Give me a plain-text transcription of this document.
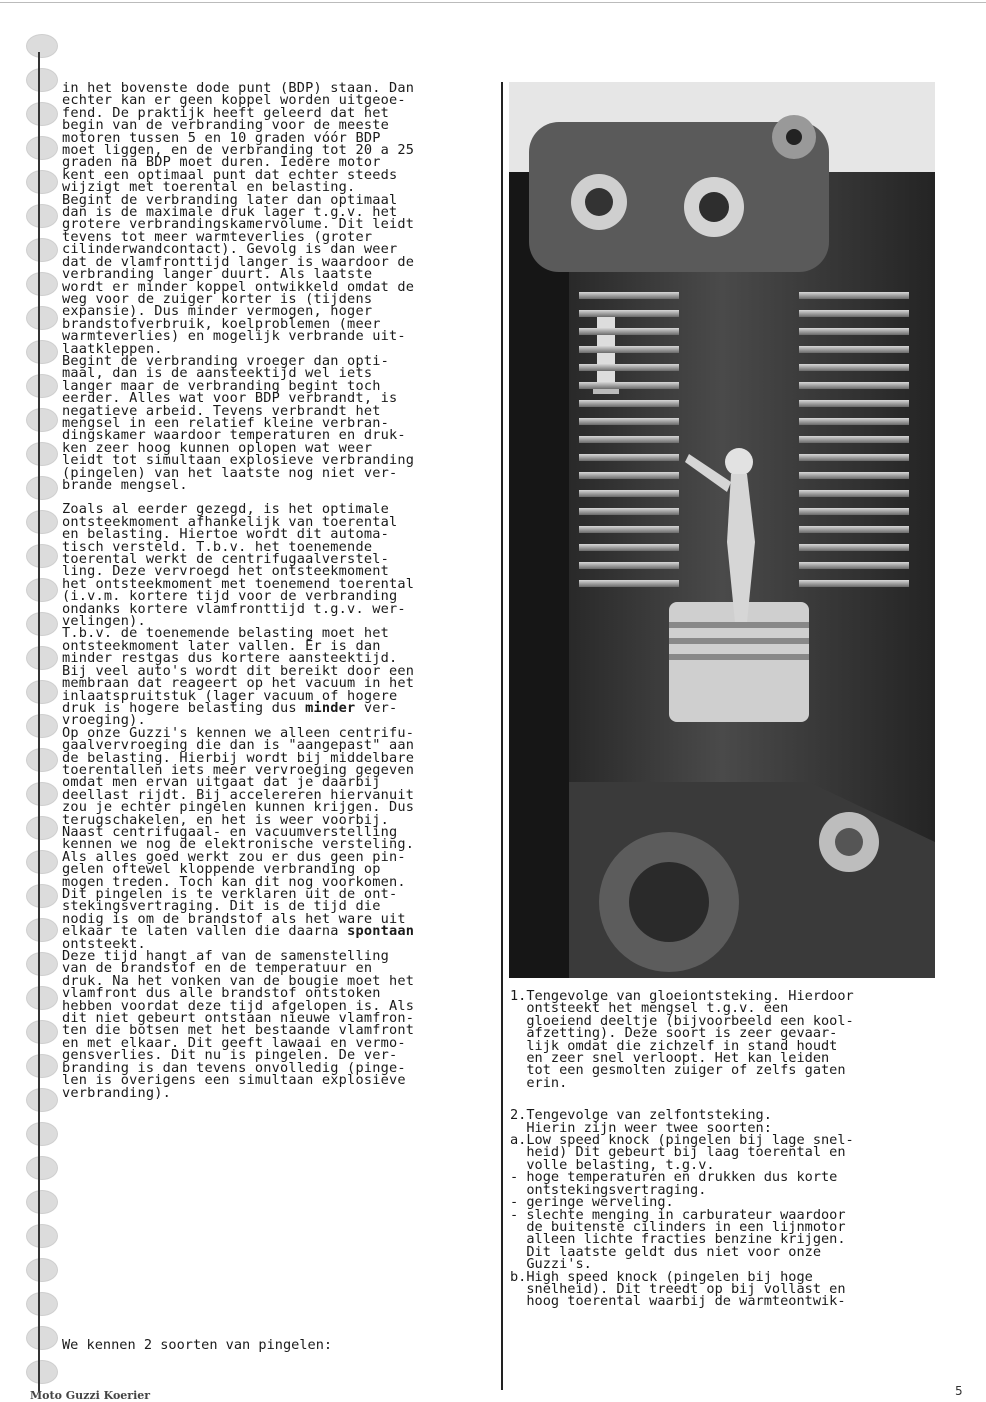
in het bovenste dode punt (BDP) staan. Dan

echter kan er geen koppel worden uitgeoe-

fend. De praktijk heeft geleerd dat het

begin van de verbranding voor de meeste

motoren tussen 5 en 10 graden vóór BDP

moet liggen, en de verbranding tot 20 a 25

graden na BDP moet duren. Iedere motor

kent een optimaal punt dat echter steeds

wijzigt met toerental en belasting.

Begint de verbranding later dan optimaal

dan is de maximale druk lager t.g.v. het

grotere verbrandingskamervolume. Dit leidt

tevens tot meer warmteverlies (groter

cilinderwandcontact). Gevolg is dan weer

dat de vlamfronttijd langer is waardoor de

verbranding langer duurt. Als laatste

wordt er minder koppel ontwikkeld omdat de

weg voor de zuiger korter is (tijdens

expansie). Dus minder vermogen, hoger

brandstofverbruik, koelproblemen (meer

warmteverlies) en mogelijk verbrande uit-

laatkleppen.

Begint de verbranding vroeger dan opti-

maal, dan is de aansteektijd wel iets

langer maar de verbranding begint toch

eerder. Alles wat voor BDP verbrandt, is

negatieve arbeid. Tevens verbrandt het

mengsel in een relatief kleine verbran-

dingskamer waardoor temperaturen en druk-

ken zeer hoog kunnen oplopen wat weer

leidt tot simultaan explosieve verbranding

(pingelen) van het laatste nog niet ver-

brande mengsel.

Zoals al eerder gezegd, is het optimale

ontsteekmoment afhankelijk van toerental

en belasting. Hiertoe wordt dit automa-

tisch versteld. T.b.v. het toenemende

toerental werkt de centrifugaalverstel-

ling. Deze vervroegd het ontsteekmoment

het ontsteekmoment met toenemend toerental

(i.v.m. kortere tijd voor de verbranding

ondanks kortere vlamfronttijd t.g.v. wer-

velingen).

T.b.v. de toenemende belasting moet het

ontsteekmoment later vallen. Er is dan

minder restgas dus kortere aansteektijd.

Bij veel auto's wordt dit bereikt door een

membraan dat reageert op het vacuum in het

inlaatspruitstuk (lager vacuum of hogere

druk is hogere belasting dus minder ver-

vroeging).

Op onze Guzzi's kennen we alleen centrifu-

gaalvervroeging die dan is "aangepast" aan

de belasting. Hierbij wordt bij middelbare

toerentallen iets meer vervroeging gegeven

omdat men ervan uitgaat dat je daarbij

deellast rijdt. Bij accelereren hiervanuit

zou je echter pingelen kunnen krijgen. Dus

terugschakelen, en het is weer voorbij.

Naast centrifugaal- en vacuumverstelling

kennen we nog de elektronische versteling.

Als alles goed werkt zou er dus geen pin-

gelen oftewel kloppende verbranding op

mogen treden. Toch kan dit nog voorkomen.

Dit pingelen is te verklaren uit de ont-

stekingsvertraging. Dit is de tijd die

nodig is om de brandstof als het ware uit

elkaar te laten vallen die daarna spontaan

ontsteekt.

Deze tijd hangt af van de samenstelling

van de brandstof en de temperatuur en

druk. Na het vonken van de bougie moet het

vlamfront dus alle brandstof ontstoken

hebben voordat deze tijd afgelopen is. Als

dit niet gebeurt ontstaan nieuwe vlamfron-

ten die botsen met het bestaande vlamfront

en met elkaar. Dit geeft lawaai en vermo-

gensverlies. Dit nu is pingelen. De ver-

branding is dan tevens onvolledig (pinge-

len is overigens een simultaan explosieve

verbranding).

We kennen 2 soorten van pingelen:

1.Tengevolge van gloeiontsteking. Hierdoor

ontsteekt het mengsel t.g.v. een

gloeiend deeltje (bijvoorbeeld een kool-

afzetting). Deze soort is zeer gevaar-

lijk omdat die zichzelf in stand houdt

en zeer snel verloopt. Het kan leiden

tot een gesmolten zuiger of zelfs gaten

erin.

2.Tengevolge van zelfontsteking.

Hierin zijn weer twee soorten:

a.Low speed knock (pingelen bij lage snel-

heid) Dit gebeurt bij laag toerental en

volle belasting, t.g.v.

- hoge temperaturen en drukken dus korte

ontstekingsvertraging.

- geringe werveling.

- slechte menging in carburateur waardoor

de buitenste cilinders in een lijnmotor

alleen lichte fracties benzine krijgen.

Dit laatste geldt dus niet voor onze

Guzzi's.

b.High speed knock (pingelen bij hoge

snelheid). Dit treedt op bij vollast en

hoog toerental waarbij de warmteontwik-

Moto Guzzi Koerier	5
